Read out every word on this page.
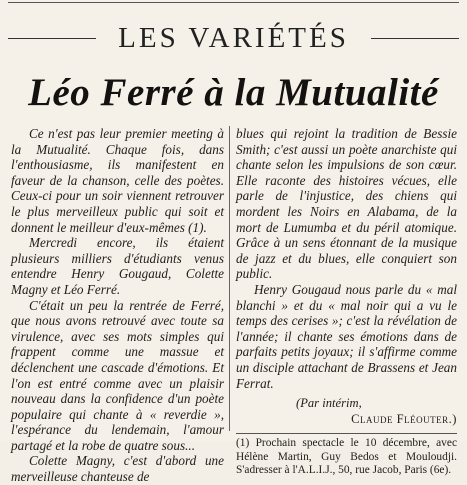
LES VARIÉTÉS
Léo Ferré à la Mutualité

Ce n'est pas leur premier meeting à la Mutualité. Chaque fois, dans l'enthousiasme, ils manifestent en faveur de la chanson, celle des poètes. Ceux-ci pour un soir viennent retrouver le plus merveilleux public qui soit et donnent le meilleur d'eux-mêmes (1).

Mercredi encore, ils étaient plusieurs milliers d'étudiants venus entendre Henry Gougaud, Colette Magny et Léo Ferré.

C'était un peu la rentrée de Ferré, que nous avons retrouvé avec toute sa virulence, avec ses mots simples qui frappent comme une massue et déclenchent une cascade d'émotions. Et l'on est entré comme avec un plaisir nouveau dans la confidence d'un poète populaire qui chante à « reverdie », l'espérance du lendemain, l'amour partagé et la robe de quatre sous...

Colette Magny, c'est d'abord une merveilleuse chanteuse de

blues qui rejoint la tradition de Bessie Smith; c'est aussi un poète anarchiste qui chante selon les impulsions de son cœur. Elle raconte des histoires vécues, elle parle de l'injustice, des chiens qui mordent les Noirs en Alabama, de la mort de Lumumba et du péril atomique. Grâce à un sens étonnant de la musique de jazz et du blues, elle conquiert son public.

Henry Gougaud nous parle du « mal blanchi » et du « mal noir qui a vu le temps des cerises »; c'est la révélation de l'année; il chante ses émotions dans de parfaits petits joyaux; il s'affirme comme un disciple attachant de Brassens et Jean Ferrat.

(Par intérim,
Claude Fléouter.)

(1) Prochain spectacle le 10 décembre, avec Hélène Martin, Guy Bedos et Mouloudji. S'adresser à l'A.L.I.J., 50, rue Jacob, Paris (6e).
